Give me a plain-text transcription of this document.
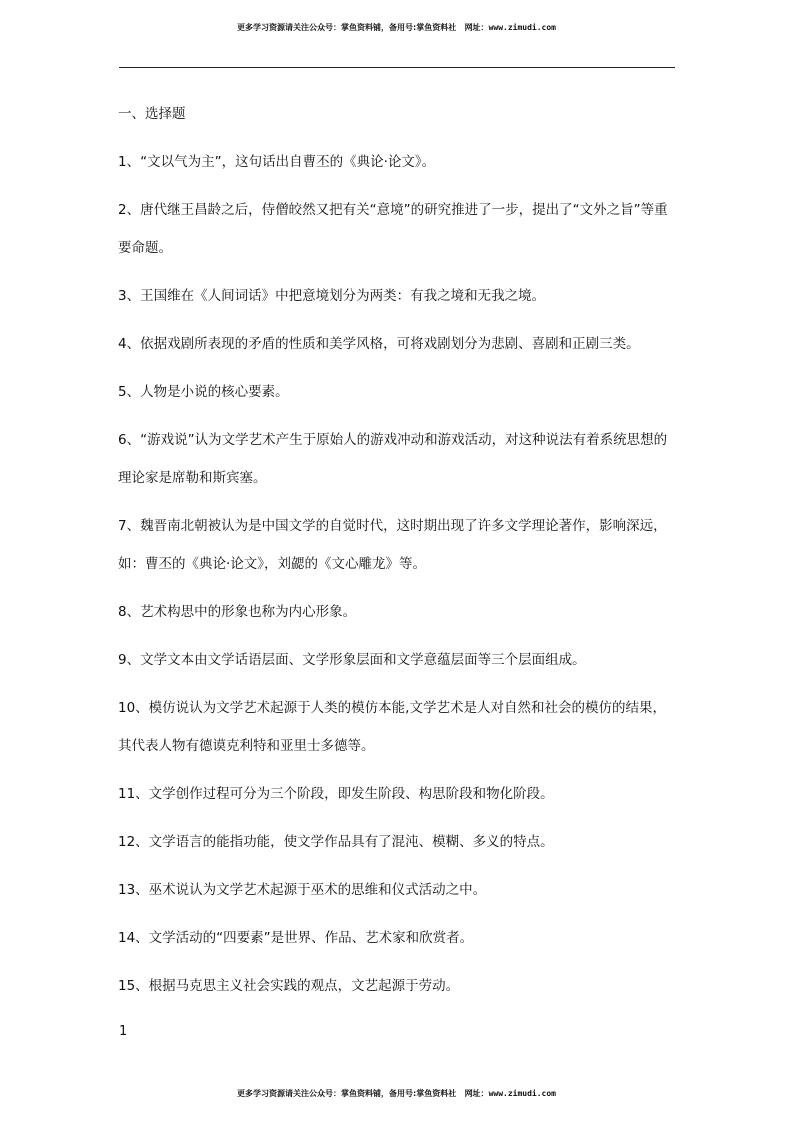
更多学习资源请关注公众号：掌鱼资料铺，备用号:掌鱼资料社 网址：www.zimudi.com
一、选择题
1、“文以气为主”，这句话出自曹丕的《典论·论文》。
2、唐代继王昌龄之后，侍僧皎然又把有关“意境”的研究推进了一步，提出了“文外之旨”等重要命题。
3、王国维在《人间词话》中把意境划分为两类：有我之境和无我之境。
4、依据戏剧所表现的矛盾的性质和美学风格，可将戏剧划分为悲剧、喜剧和正剧三类。
5、人物是小说的核心要素。
6、“游戏说”认为文学艺术产生于原始人的游戏冲动和游戏活动，对这种说法有着系统思想的理论家是席勒和斯宾塞。
7、魏晋南北朝被认为是中国文学的自觉时代，这时期出现了许多文学理论著作，影响深远，如：曹丕的《典论·论文》，刘勰的《文心雕龙》等。
8、艺术构思中的形象也称为内心形象。
9、文学文本由文学话语层面、文学形象层面和文学意蕴层面等三个层面组成。
10、模仿说认为文学艺术起源于人类的模仿本能,文学艺术是人对自然和社会的模仿的结果，其代表人物有德谟克利特和亚里士多德等。
11、文学创作过程可分为三个阶段，即发生阶段、构思阶段和物化阶段。
12、文学语言的能指功能，使文学作品具有了混沌、模糊、多义的特点。
13、巫术说认为文学艺术起源于巫术的思维和仪式活动之中。
14、文学活动的“四要素”是世界、作品、艺术家和欣赏者。
15、根据马克思主义社会实践的观点，文艺起源于劳动。
1
更多学习资源请关注公众号：掌鱼资料铺，备用号:掌鱼资料社 网址：www.zimudi.com
